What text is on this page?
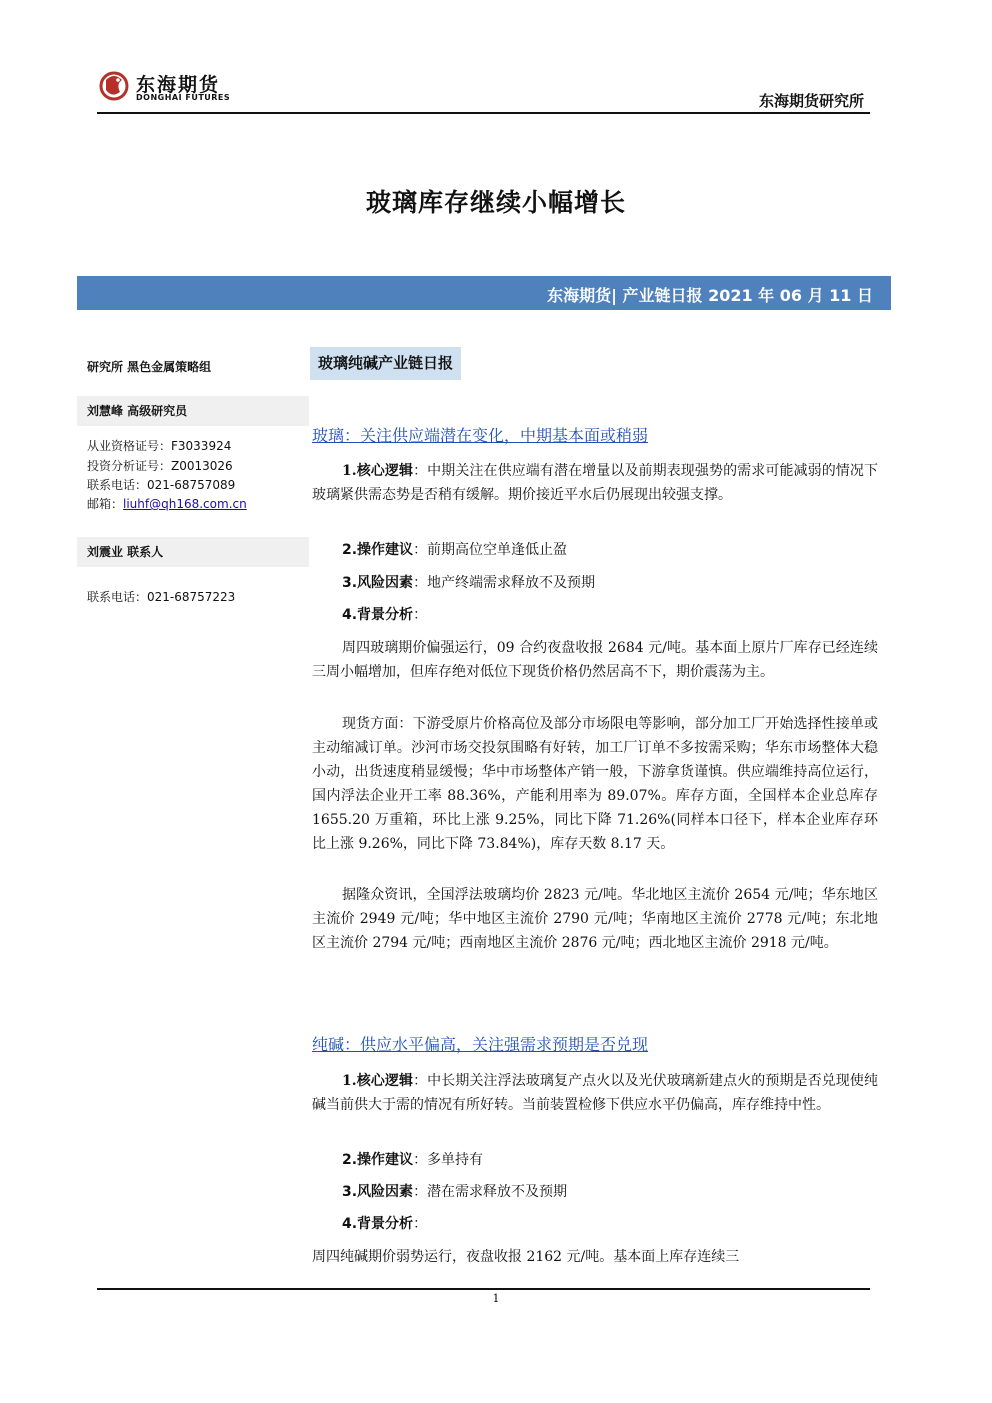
东海期货
DONGHAI FUTURES	东海期货研究所
玻璃库存继续小幅增长
东海期货| 产业链日报 2021 年 06 月 11 日
研究所 黑色金属策略组
刘慧峰 高级研究员
从业资格证号：F3033924
投资分析证号：Z0013026
联系电话：021-68757089
邮箱：liuhf@qh168.com.cn
刘震业 联系人
联系电话：021-68757223
玻璃纯碱产业链日报
玻璃：关注供应端潜在变化，中期基本面或稍弱
1.核心逻辑：中期关注在供应端有潜在增量以及前期表现强势的需求可能减弱的情况下玻璃紧供需态势是否稍有缓解。期价接近平水后仍展现出较强支撑。
2.操作建议：前期高位空单逢低止盈
3.风险因素：地产终端需求释放不及预期
4.背景分析：
周四玻璃期价偏强运行，09 合约夜盘收报 2684 元/吨。基本面上原片厂库存已经连续三周小幅增加，但库存绝对低位下现货价格仍然居高不下，期价震荡为主。
现货方面：下游受原片价格高位及部分市场限电等影响，部分加工厂开始选择性接单或主动缩减订单。沙河市场交投氛围略有好转，加工厂订单不多按需采购；华东市场整体大稳小动，出货速度稍显缓慢；华中市场整体产销一般，下游拿货谨慎。供应端维持高位运行，国内浮法企业开工率 88.36%，产能利用率为 89.07%。库存方面，全国样本企业总库存 1655.20 万重箱，环比上涨 9.25%，同比下降 71.26%(同样本口径下，样本企业库存环比上涨 9.26%，同比下降 73.84%)，库存天数 8.17 天。
据隆众资讯，全国浮法玻璃均价 2823 元/吨。华北地区主流价 2654 元/吨；华东地区主流价 2949 元/吨；华中地区主流价 2790 元/吨；华南地区主流价 2778 元/吨；东北地区主流价 2794 元/吨；西南地区主流价 2876 元/吨；西北地区主流价 2918 元/吨。
纯碱：供应水平偏高，关注强需求预期是否兑现
1.核心逻辑：中长期关注浮法玻璃复产点火以及光伏玻璃新建点火的预期是否兑现使纯碱当前供大于需的情况有所好转。当前装置检修下供应水平仍偏高，库存维持中性。
2.操作建议：多单持有
3.风险因素：潜在需求释放不及预期
4.背景分析：
周四纯碱期价弱势运行，夜盘收报 2162 元/吨。基本面上库存连续三
1
